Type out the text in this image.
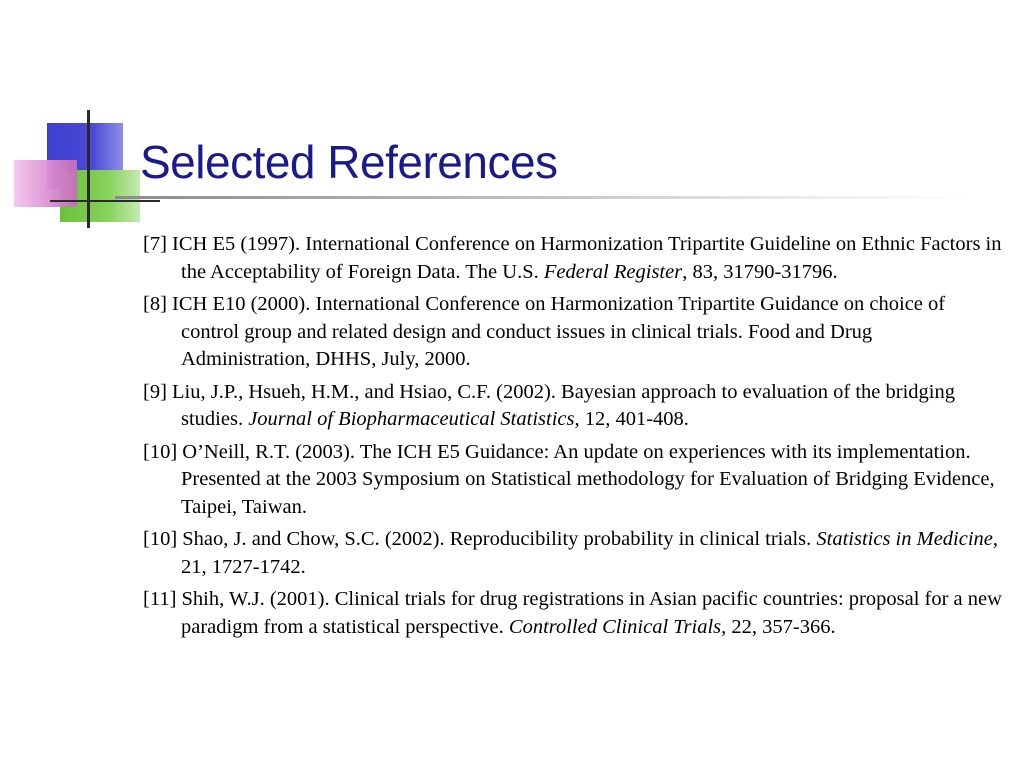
Selected References
[7] ICH E5 (1997). International Conference on Harmonization Tripartite Guideline on Ethnic Factors in the Acceptability of Foreign Data. The U.S. Federal Register, 83, 31790-31796.
[8] ICH E10 (2000). International Conference on Harmonization Tripartite Guidance on choice of control group and related design and conduct issues in clinical trials. Food and Drug Administration, DHHS, July, 2000.
[9] Liu, J.P., Hsueh, H.M., and Hsiao, C.F. (2002). Bayesian approach to evaluation of the bridging studies. Journal of Biopharmaceutical Statistics, 12, 401-408.
[10] O’Neill, R.T. (2003). The ICH E5 Guidance: An update on experiences with its implementation. Presented at the 2003 Symposium on Statistical methodology for Evaluation of Bridging Evidence, Taipei, Taiwan.
[10] Shao, J. and Chow, S.C. (2002). Reproducibility probability in clinical trials. Statistics in Medicine, 21, 1727-1742.
[11] Shih, W.J. (2001). Clinical trials for drug registrations in Asian pacific countries: proposal for a new paradigm from a statistical perspective. Controlled Clinical Trials, 22, 357-366.
